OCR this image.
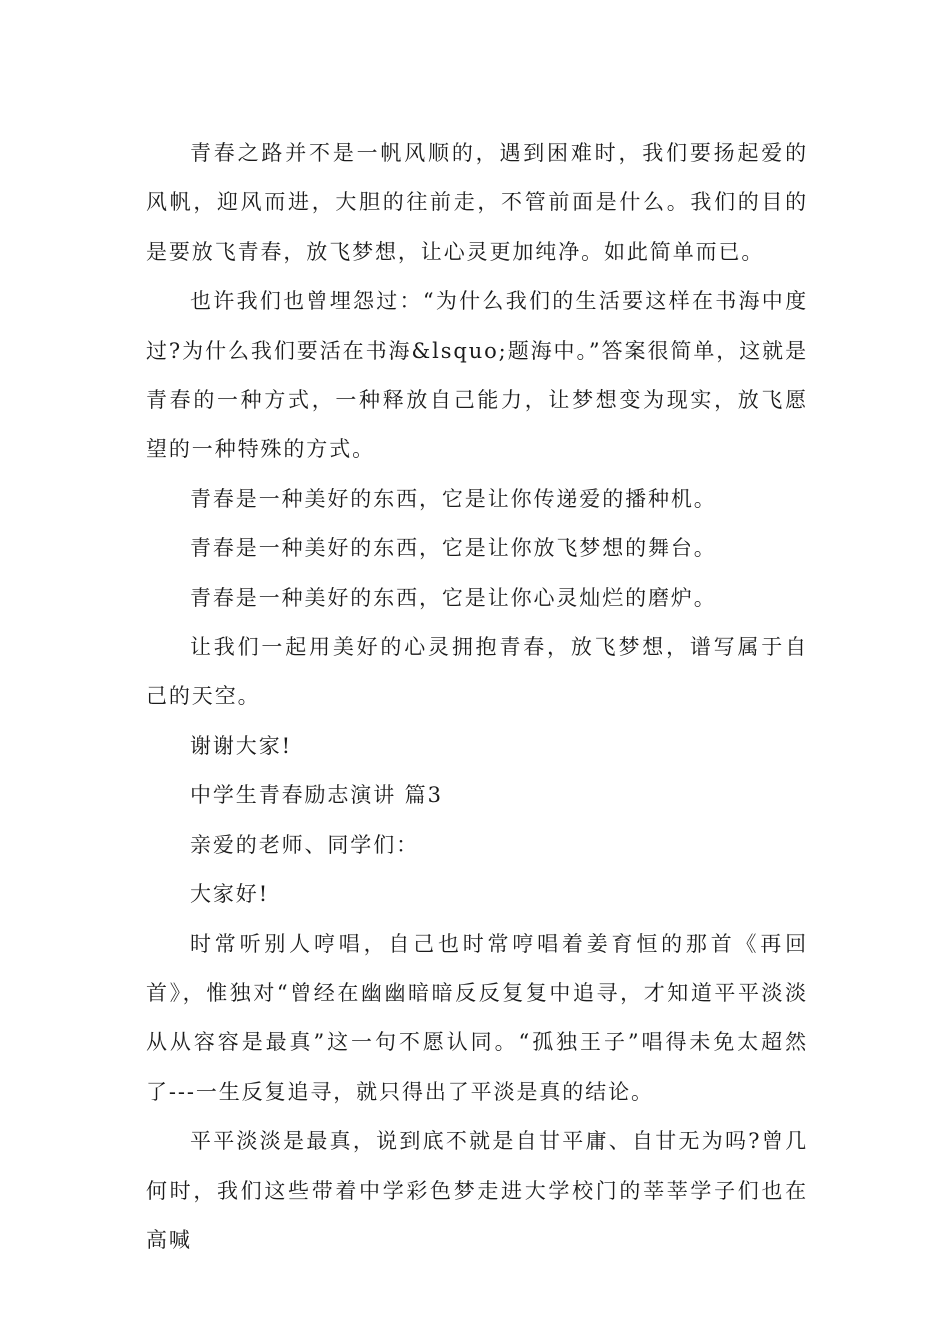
青春之路并不是一帆风顺的，遇到困难时，我们要扬起爱的风帆，迎风而进，大胆的往前走，不管前面是什么。我们的目的是要放飞青春，放飞梦想，让心灵更加纯净。如此简单而已。

也许我们也曾埋怨过：“为什么我们的生活要这样在书海中度过?为什么我们要活在书海&lsquo;题海中。”答案很简单，这就是青春的一种方式，一种释放自己能力，让梦想变为现实，放飞愿望的一种特殊的方式。

青春是一种美好的东西，它是让你传递爱的播种机。

青春是一种美好的东西，它是让你放飞梦想的舞台。

青春是一种美好的东西，它是让你心灵灿烂的磨炉。

让我们一起用美好的心灵拥抱青春，放飞梦想，谱写属于自己的天空。

谢谢大家!

中学生青春励志演讲 篇3

亲爱的老师、同学们：

大家好!

时常听别人哼唱，自己也时常哼唱着姜育恒的那首《再回首》，惟独对“曾经在幽幽暗暗反反复复中追寻，才知道平平淡淡从从容容是最真”这一句不愿认同。“孤独王子”唱得未免太超然了---一生反复追寻，就只得出了平淡是真的结论。

平平淡淡是最真，说到底不就是自甘平庸、自甘无为吗?曾几何时，我们这些带着中学彩色梦走进大学校门的莘莘学子们也在高喊
